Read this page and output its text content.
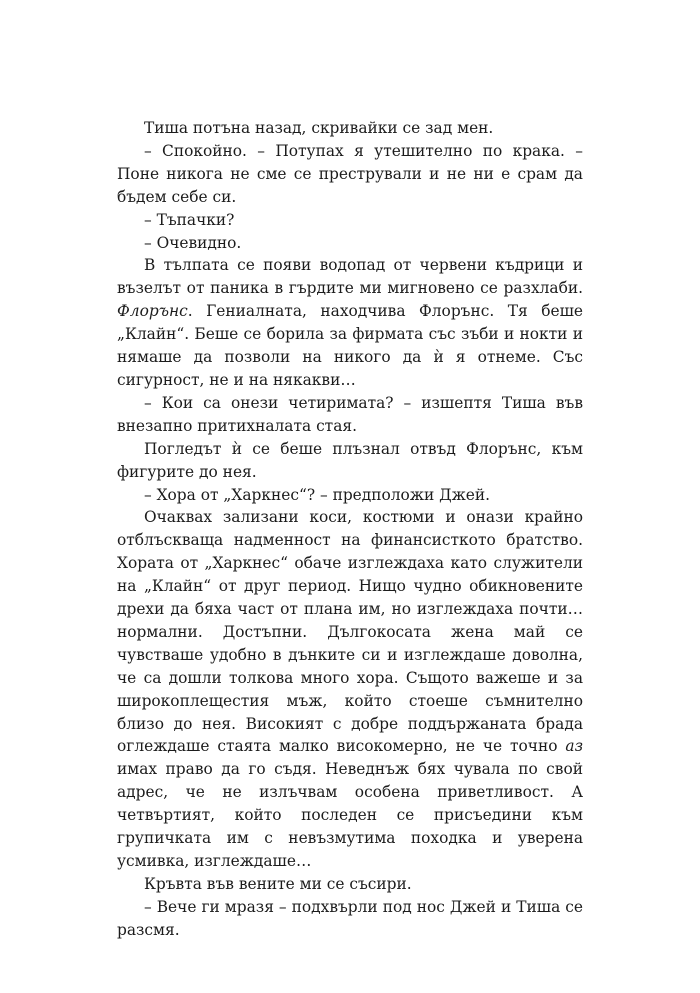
Тиша потъна назад, скривайки се зад мен.

– Спокойно. – Потупах я утешително по крака. – Поне никога не сме се престрували и не ни е срам да бъдем себе си.

– Тъпачки?

– Очевидно.

В тълпата се появи водопад от червени къдрици и възелът от паника в гърдите ми мигновено се разхлаби. Флорънс. Гениалната, находчива Флорънс. Тя беше „Клайн“. Беше се борила за фирмата със зъби и нокти и нямаше да позволи на никого да ѝ я отнеме. Със сигурност, не и на някакви…

– Кои са онези четиримата? – изшептя Тиша във внезапно притихналата стая.

Погледът ѝ се беше плъзнал отвъд Флорънс, към фигурите до нея.

– Хора от „Харкнес“? – предположи Джей.

Очаквах зализани коси, костюми и онази крайно отблъскваща надменност на финансисткото братство. Хората от „Харкнес“ обаче изглеждаха като служители на „Клайн“ от друг период. Нищо чудно обикновените дрехи да бяха част от плана им, но изглеждаха почти… нормални. Достъпни. Дългокосата жена май се чувстваше удобно в дънките си и изглеждаше доволна, че са дошли толкова много хора. Същото важеше и за широкоплещестия мъж, който стоеше съмнително близо до нея. Високият с добре поддържаната брада оглеждаше стаята малко високомерно, не че точно аз имах право да го съдя. Неведнъж бях чувала по свой адрес, че не излъчвам особена приветливост. А четвъртият, който последен се присъедини към групичката им с невъзмутима походка и уверена усмивка, изглеждаше…

Кръвта във вените ми се съсири.

– Вече ги мразя – подхвърли под нос Джей и Тиша се разсмя.
